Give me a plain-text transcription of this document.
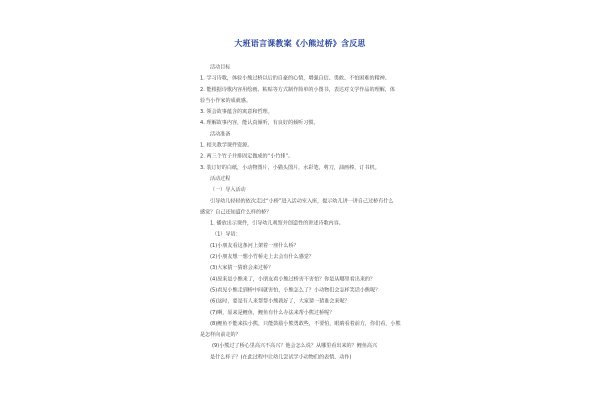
大班语言课教案《小熊过桥》含反思
活动目标
1. 学习诗歌，体验小熊过桥以后的自豪的心情，增强自信、勇敢、不怕困难的精神。
2. 能根据诗歌内容用绘画、粘贴等方式制作简单的小图书，表达对文学作品的理解，体
验当小作家的成就感。
3. 领会故事蕴含的寓意和哲理。
4. 理解故事内容，能认真倾听，有良好的倾听习惯。
活动准备
1. 相关教学课件资源。
2. 两三个竹子并排固定做成的“小竹排”。
3. 装订好的白纸，小动物图片，小猫头图片，水彩笔，剪刀，油画棒，订书机。
活动过程
（一）导入活动
引导幼儿轻轻的依次走过“小桥”进入活动室入座，提示幼儿讲一讲自己过桥有什么
感觉？自己还知道什么样的桥？
1. 播放出示课件，引导幼儿观察并创造性的讲述诗歌内容。
（1）导语：
(1)小朋友看这条河上架着一座什么桥？
(2)小朋友想一想小竹桥走上去会有什么感觉？
(3)大家猜一猜谁会来过桥？
(4)原来是小熊来了，小朋友看小熊过桥害不害怕？你是从哪里看出来的？
(5)看见小熊走到桥中间就害怕，小熊怎么了？小动物们会怎样笑话小熊呢？
(6)这时，要是有人来帮帮小熊就好了，大家猜一猜谁会来呢？
(7)啊，原来是鲤鱼，鲤鱼有什么办法来帮小熊过桥呢？
(8)鲤鱼不能来扶小熊，只能鼓励小熊勇敢些，不要怕，眼睛看着前方，你们看，小熊
是怎样向前走的？
(9)小熊过了桥心里高兴不高兴？他会怎么说？从哪里看出来的？鲤鱼高兴
是什么样子？(在此过程中让幼儿尝试学小动物们的表情、动作)
